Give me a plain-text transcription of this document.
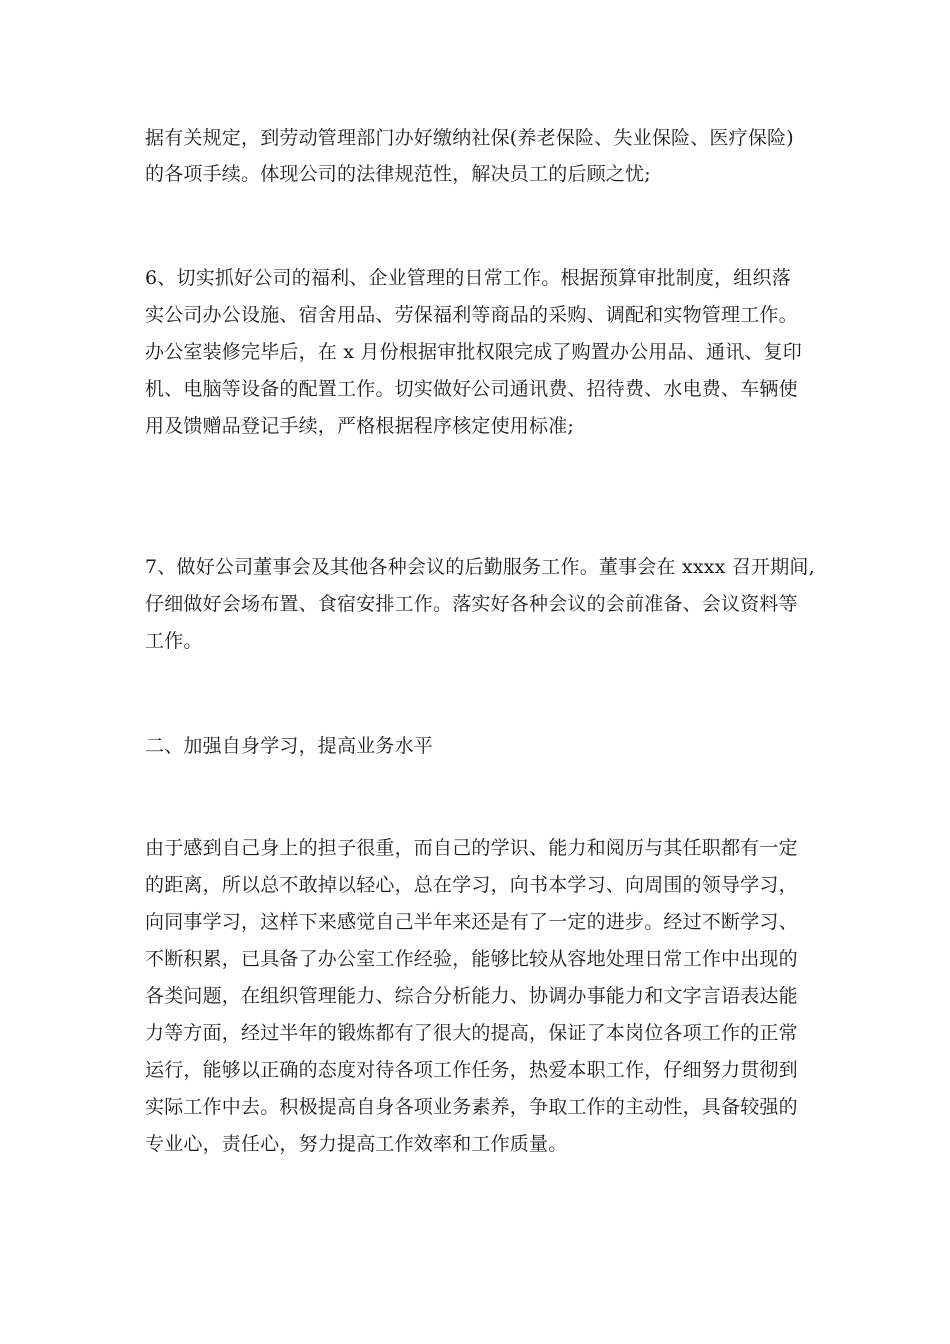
据有关规定，到劳动管理部门办好缴纳社保(养老保险、失业保险、医疗保险)
的各项手续。体现公司的法律规范性，解决员工的后顾之忧;
6、切实抓好公司的福利、企业管理的日常工作。根据预算审批制度，组织落
实公司办公设施、宿舍用品、劳保福利等商品的采购、调配和实物管理工作。
办公室装修完毕后，在 x 月份根据审批权限完成了购置办公用品、通讯、复印
机、电脑等设备的配置工作。切实做好公司通讯费、招待费、水电费、车辆使
用及馈赠品登记手续，严格根据程序核定使用标准;
7、做好公司董事会及其他各种会议的后勤服务工作。董事会在 xxxx 召开期间,
仔细做好会场布置、食宿安排工作。落实好各种会议的会前准备、会议资料等
工作。
二、加强自身学习，提高业务水平
由于感到自己身上的担子很重，而自己的学识、能力和阅历与其任职都有一定
的距离，所以总不敢掉以轻心，总在学习，向书本学习、向周围的领导学习，
向同事学习，这样下来感觉自己半年来还是有了一定的进步。经过不断学习、
不断积累，已具备了办公室工作经验，能够比较从容地处理日常工作中出现的
各类问题，在组织管理能力、综合分析能力、协调办事能力和文字言语表达能
力等方面，经过半年的锻炼都有了很大的提高，保证了本岗位各项工作的正常
运行，能够以正确的态度对待各项工作任务，热爱本职工作，仔细努力贯彻到
实际工作中去。积极提高自身各项业务素养，争取工作的主动性，具备较强的
专业心，责任心，努力提高工作效率和工作质量。
